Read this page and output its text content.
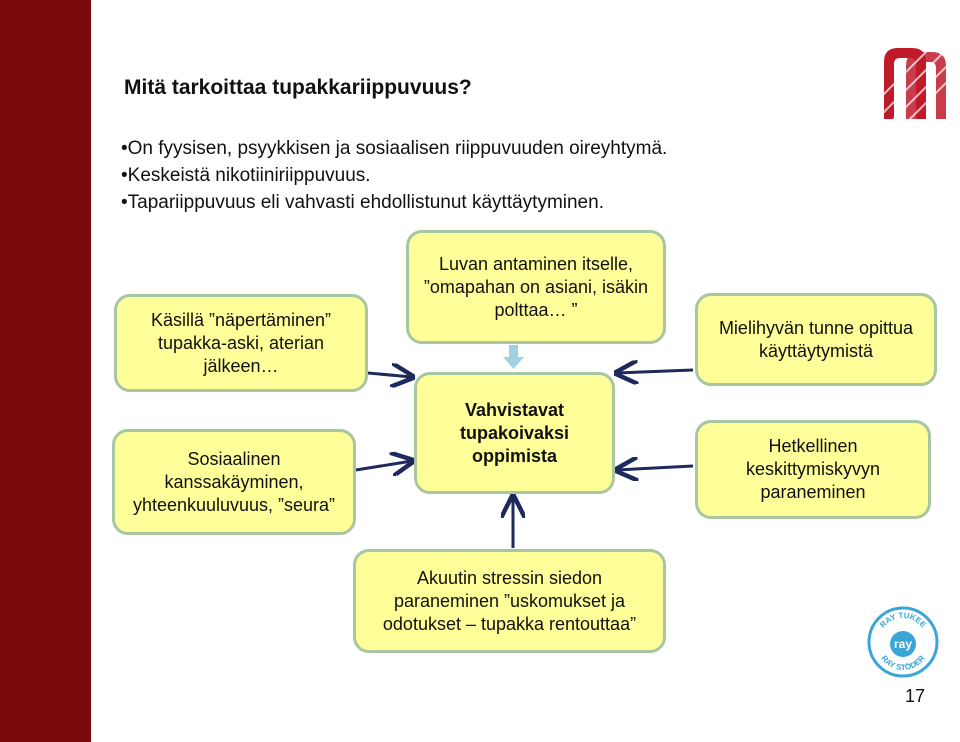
Mitä tarkoittaa tupakkariippuvuus?
• On fyysisen, psyykkisen ja sosiaalisen riippuvuuden oireyhtymä.
• Keskeistä nikotiiniriippuvuus.
• Tapariippuvuus eli vahvasti ehdollistunut käyttäytyminen.
Luvan antaminen itselle, ”omapahan on asiani, isäkin polttaa… ”
Käsillä ”näpertäminen” tupakka-aski, aterian jälkeen…
Sosiaalinen kanssakäyminen, yhteenkuuluvuus, ”seura”
Vahvistavat tupakoivaksi oppimista
Mielihyvän tunne opittua käyttäytymistä
Hetkellinen keskittymiskyvyn paraneminen
Akuutin stressin siedon paraneminen ”uskomukset ja odotukset – tupakka rentouttaa”	RAY TUKEE
RAY STÖDER
ray
17
